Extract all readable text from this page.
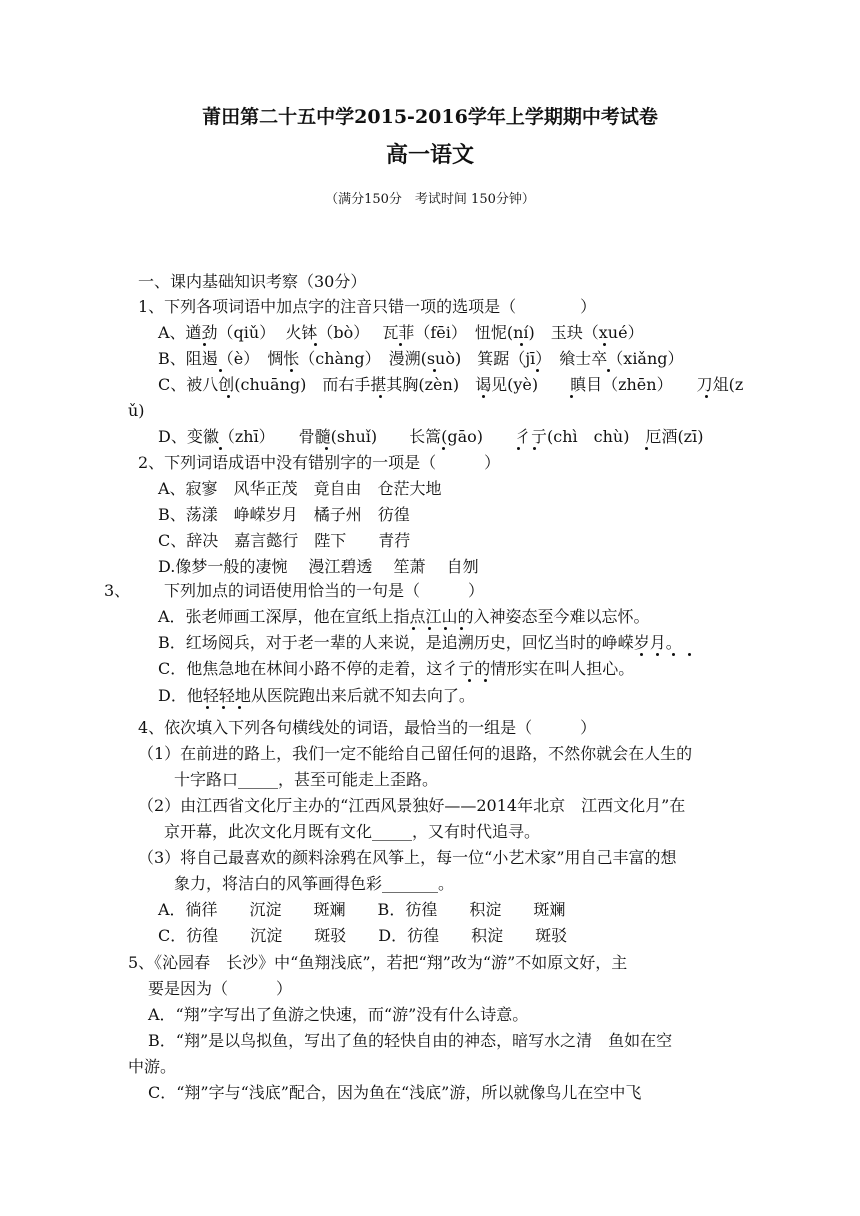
莆田第二十五中学2015-2016学年上学期期中考试卷
高一语文
（满分150分　考试时间 150分钟）
一、课内基础知识考察（30分）
1、下列各项词语中加点字的注音只错一项的选项是（　　　　）
A、遒劲（qiǔ）  火钵（bò）　 瓦菲（fēi）　忸怩(ní)　玉玦（xué）
B、阻遏（è）　惆怅（chàng）　漫溯(suò)　箕踞（jī）　飨士卒（xiǎng）
C、被八创(chuāng)　而右手揕其胸(zèn)　谒见(yè)　　瞋目（zhēn）　　刀俎(z
ǔ)
D、变徽（zhī）　　骨髓(shuǐ)　　长篙(gāo)　　彳亍(chì　chù)　厄酒(zī)
2、下列词语成语中没有错别字的一项是（　　　）
A、寂寥　风华正茂　竟自由　仓茫大地
B、荡漾　峥嵘岁月　橘子州　彷徨
C、辞决　嘉言懿行　陛下　　青荇
D.像梦一般的凄惋　 漫江碧透　 笙萧　 自刎
3、 下列加点的词语使用恰当的一句是（　　　）
A．张老师画工深厚，他在宣纸上指点江山的入神姿态至今难以忘怀。
B．红场阅兵，对于老一辈的人来说，是追溯历史，回忆当时的峥嵘岁月。
C．他焦急地在林间小路不停的走着，这彳亍的情形实在叫人担心。
D．他轻轻地从医院跑出来后就不知去向了。
4、依次填入下列各句横线处的词语，最恰当的一组是（　　　）
（1）在前进的路上，我们一定不能给自己留任何的退路，不然你就会在人生的
十字路口_____，甚至可能走上歪路。
（2）由江西省文化厅主办的“江西风景独好——2014年北京　江西文化月”在
京开幕，此次文化月既有文化_____，又有时代追寻。
（3）将自己最喜欢的颜料涂鸦在风筝上，每一位“小艺术家”用自己丰富的想
象力，将洁白的风筝画得色彩_______。
A．徜徉　　沉淀　　斑斓　　B．彷徨　　积淀　　斑斓
C．彷徨　　沉淀　　斑驳　　D．彷徨　　积淀　　斑驳
5、《沁园春　长沙》中“鱼翔浅底”，若把“翔”改为“游”不如原文好，主
要是因为（　　　）
A．“翔”字写出了鱼游之快速，而“游”没有什么诗意。
B．“翔”是以鸟拟鱼，写出了鱼的轻快自由的神态，暗写水之清　鱼如在空
中游。
C．“翔”字与“浅底”配合，因为鱼在“浅底”游，所以就像鸟儿在空中飞
